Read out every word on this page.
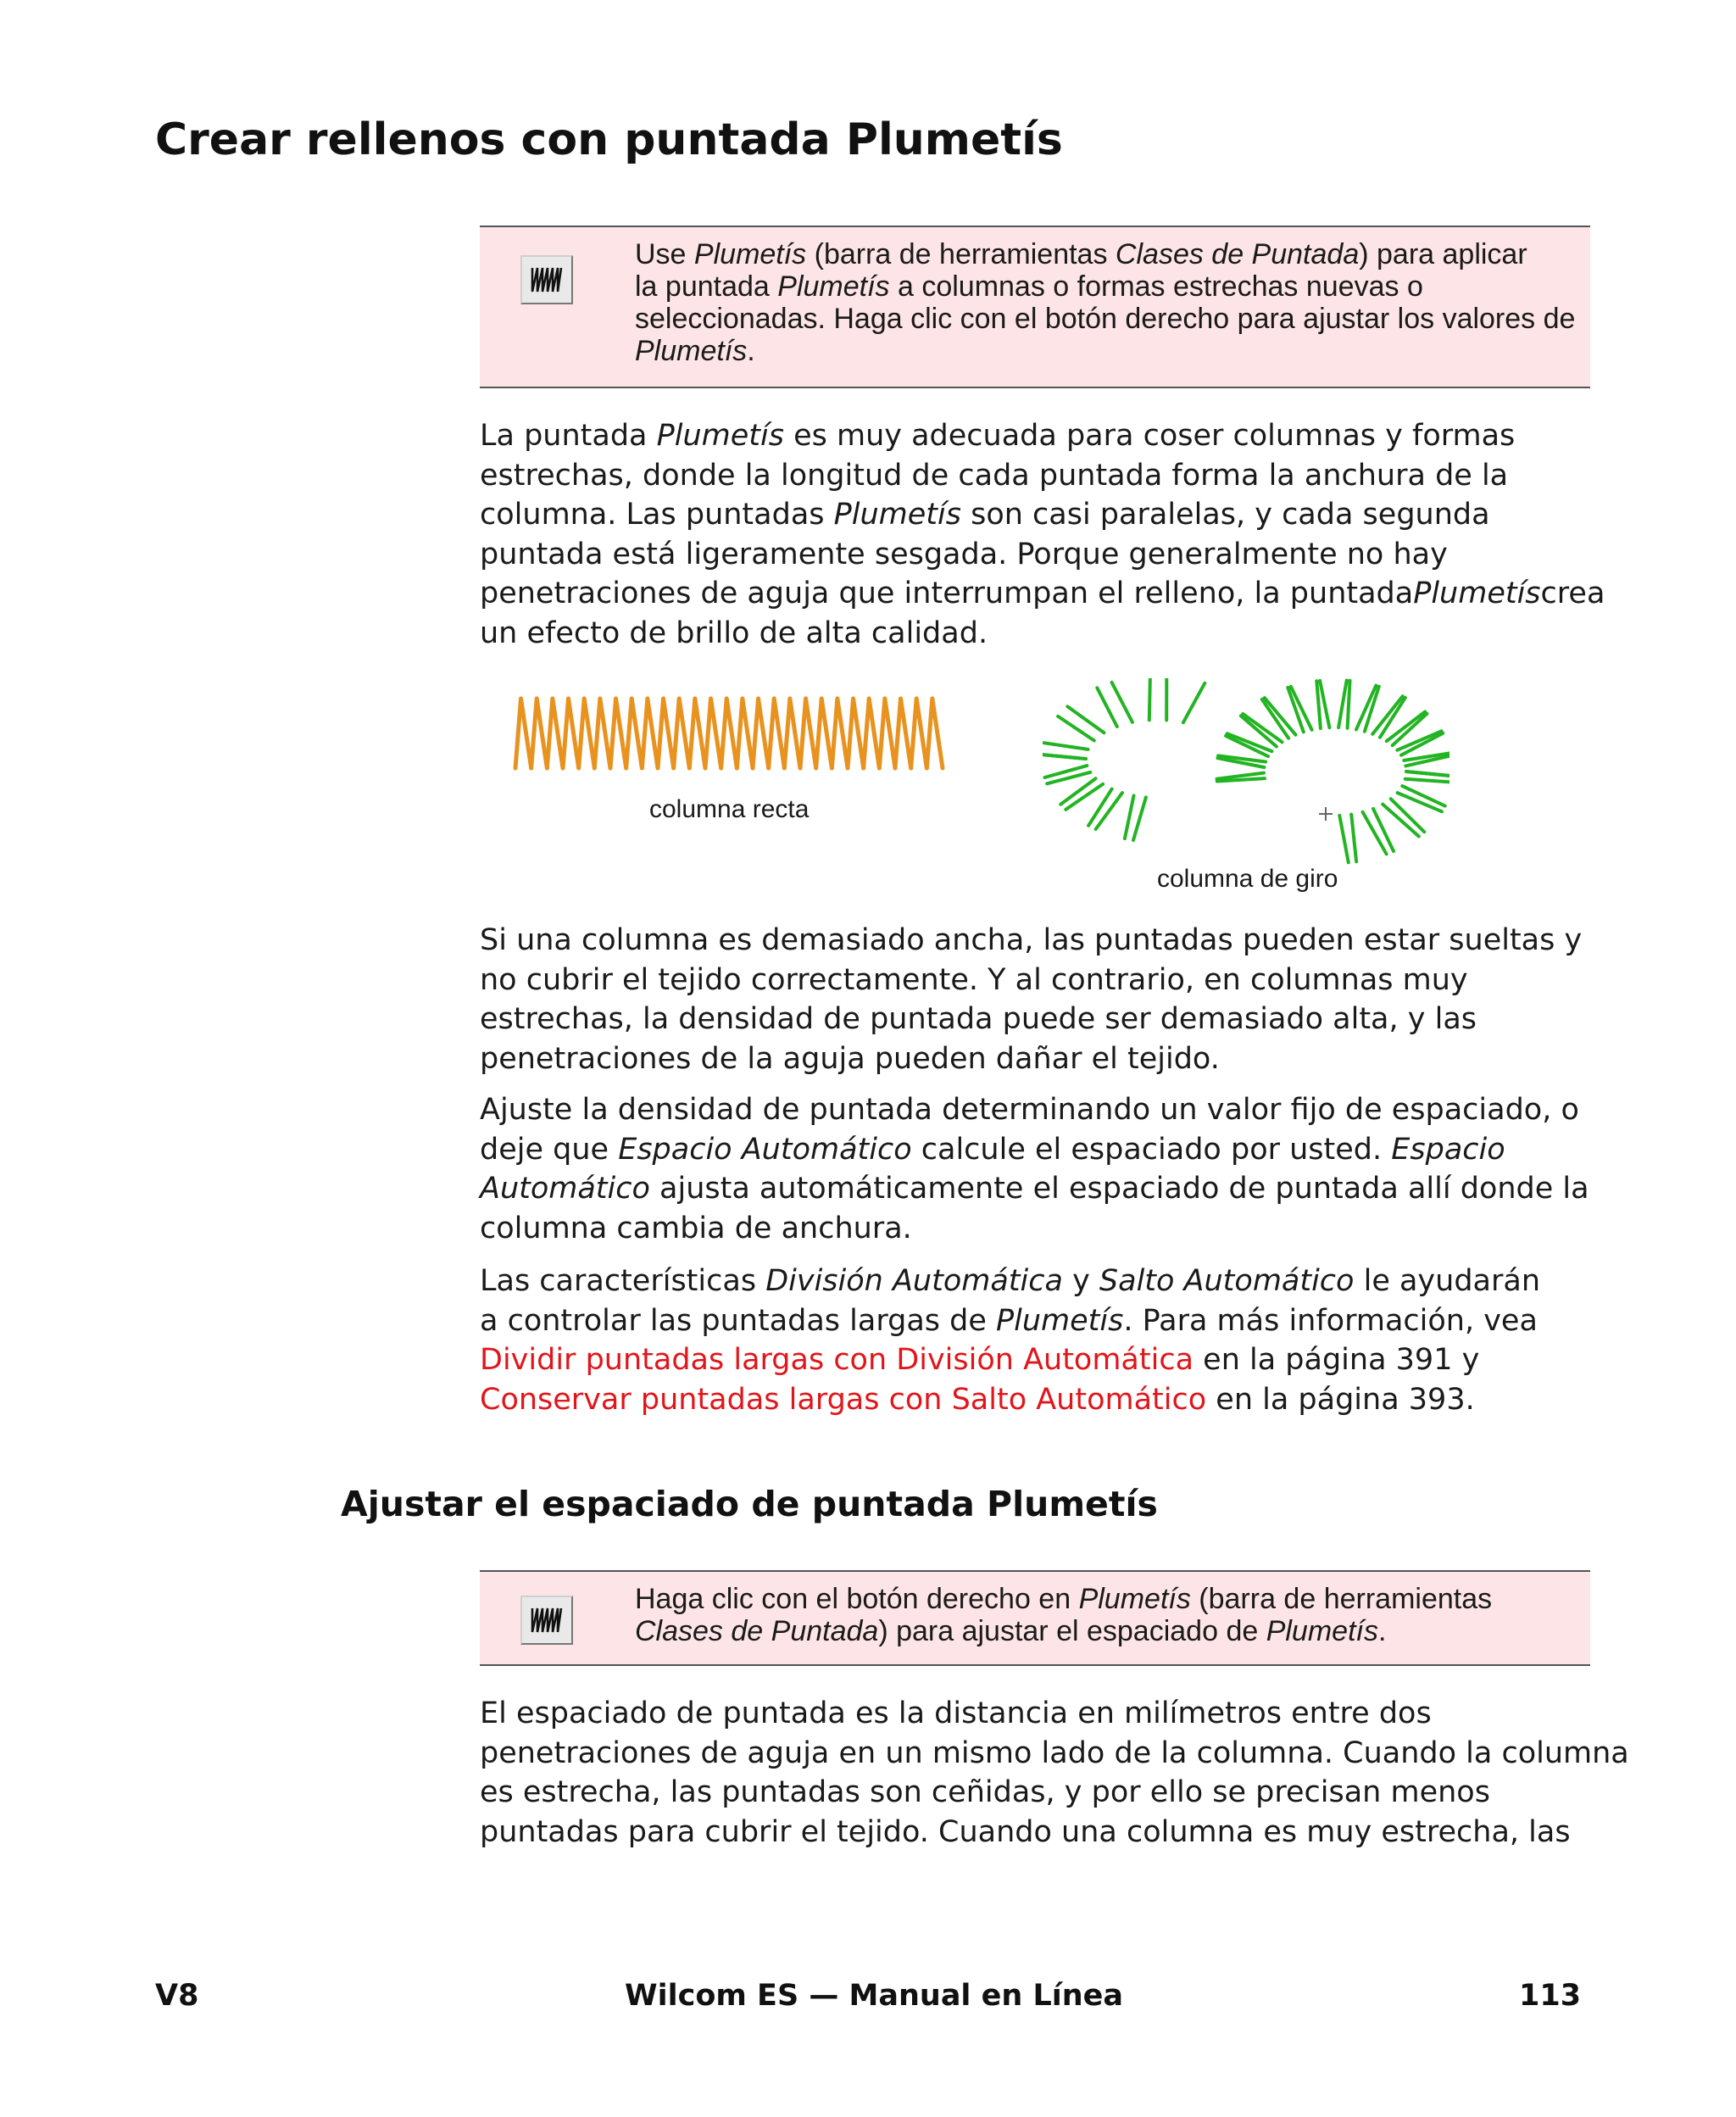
Crear rellenos con puntada Plumetís
Use Plumetís (barra de herramientas Clases de Puntada) para aplicar
la puntada Plumetís a columnas o formas estrechas nuevas o
seleccionadas. Haga clic con el botón derecho para ajustar los valores de
Plumetís.
La puntada Plumetís es muy adecuada para coser columnas y formas
estrechas, donde la longitud de cada puntada forma la anchura de la
columna. Las puntadas Plumetís son casi paralelas, y cada segunda
puntada está ligeramente sesgada. Porque generalmente no hay
penetraciones de aguja que interrumpan el relleno, la puntadaPlumetíscrea
un efecto de brillo de alta calidad.
columna recta
columna de giro
Si una columna es demasiado ancha, las puntadas pueden estar sueltas y
no cubrir el tejido correctamente. Y al contrario, en columnas muy
estrechas, la densidad de puntada puede ser demasiado alta, y las
penetraciones de la aguja pueden dañar el tejido.
Ajuste la densidad de puntada determinando un valor fijo de espaciado, o
deje que Espacio Automático calcule el espaciado por usted. Espacio
Automático ajusta automáticamente el espaciado de puntada allí donde la
columna cambia de anchura.
Las características División Automática y Salto Automático le ayudarán
a controlar las puntadas largas de Plumetís. Para más información, vea
Dividir puntadas largas con División Automática en la página 391 y
Conservar puntadas largas con Salto Automático en la página 393.
Ajustar el espaciado de puntada Plumetís
Haga clic con el botón derecho en Plumetís (barra de herramientas
Clases de Puntada) para ajustar el espaciado de Plumetís.
El espaciado de puntada es la distancia en milímetros entre dos
penetraciones de aguja en un mismo lado de la columna. Cuando la columna
es estrecha, las puntadas son ceñidas, y por ello se precisan menos
puntadas para cubrir el tejido. Cuando una columna es muy estrecha, las
V8	Wilcom ES — Manual en Línea	113
